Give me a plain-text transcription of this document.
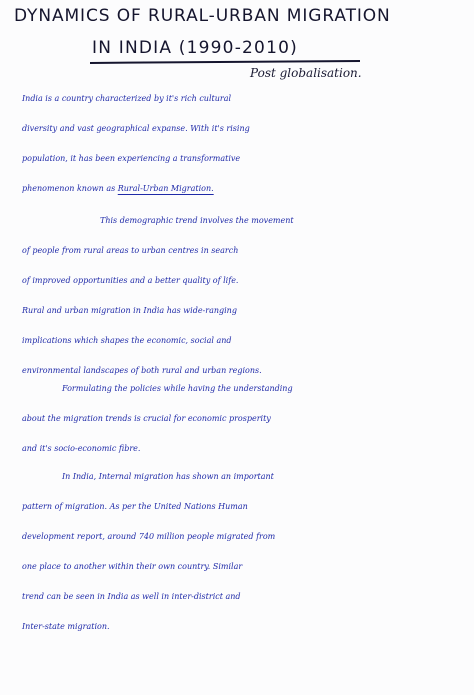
DYNAMICS OF RURAL-URBAN MIGRATION
IN INDIA (1990-2010)
Post globalisation.
India is a country characterized by it's rich cultural
diversity and vast geographical expanse. With it's rising
population, it has been experiencing a transformative
phenomenon known as Rural-Urban Migration.
This demographic trend involves the movement
of people from rural areas to urban centres in search
of improved opportunities and a better quality of life.
Rural and urban migration in India has wide-ranging
implications which shapes the economic, social and
environmental landscapes of both rural and urban regions.
Formulating the policies while having the understanding
about the migration trends is crucial for economic prosperity
and it's socio-economic fibre.
In India, Internal migration has shown an important
pattern of migration. As per the United Nations Human
development report, around 740 million people migrated from
one place to another within their own country. Similar
trend can be seen in India as well in inter-district and
Inter-state migration.
